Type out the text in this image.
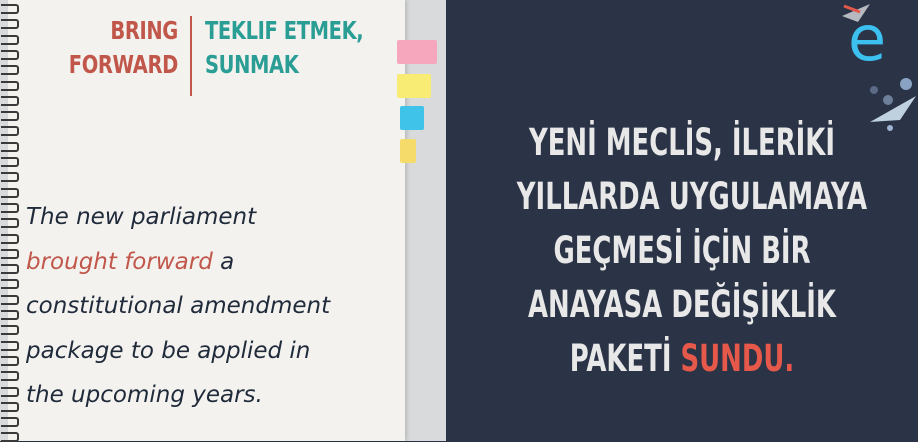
BRING
FORWARD
TEKLIF ETMEK,
SUNMAK
The new parliament
brought forward a
constitutional amendment
package to be applied in
the upcoming years.
YENİ MECLİS, İLERİKİ
YILLARDA UYGULAMAYA
GEÇMESİ İÇİN BİR
ANAYASA DEĞİŞİKLİK
PAKETİ SUNDU.
e
